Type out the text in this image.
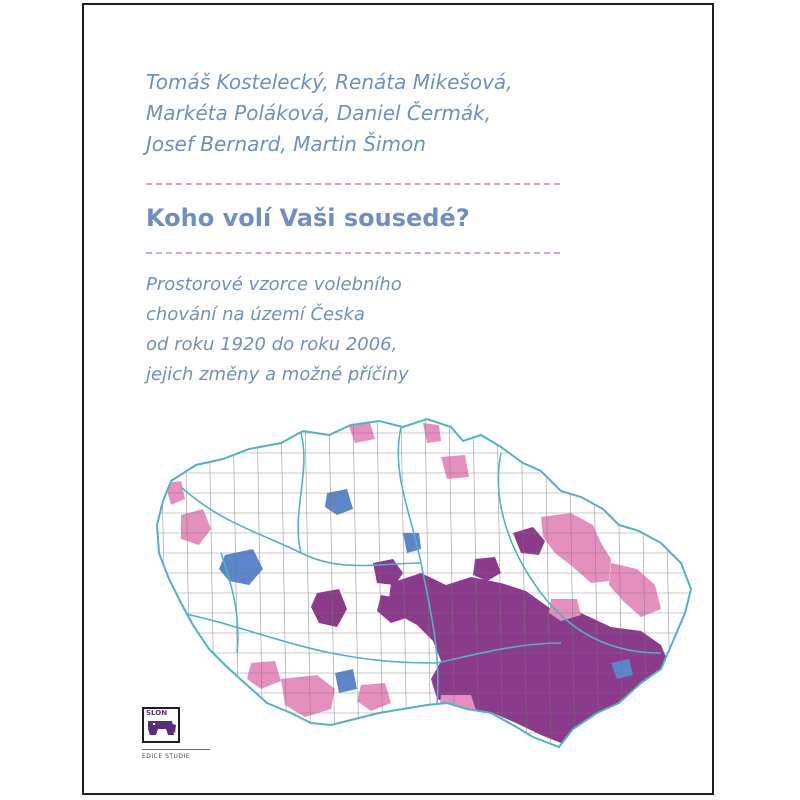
Tomáš Kostelecký, Renáta Mikešová,
Markéta Poláková, Daniel Čermák,
Josef Bernard, Martin Šimon
Koho volí Vaši sousedé?
Prostorové vzorce volebního
chování na území Česka
od roku 1920 do roku 2006,
jejich změny a možné příčiny
SLON
EDICE STUDIE
